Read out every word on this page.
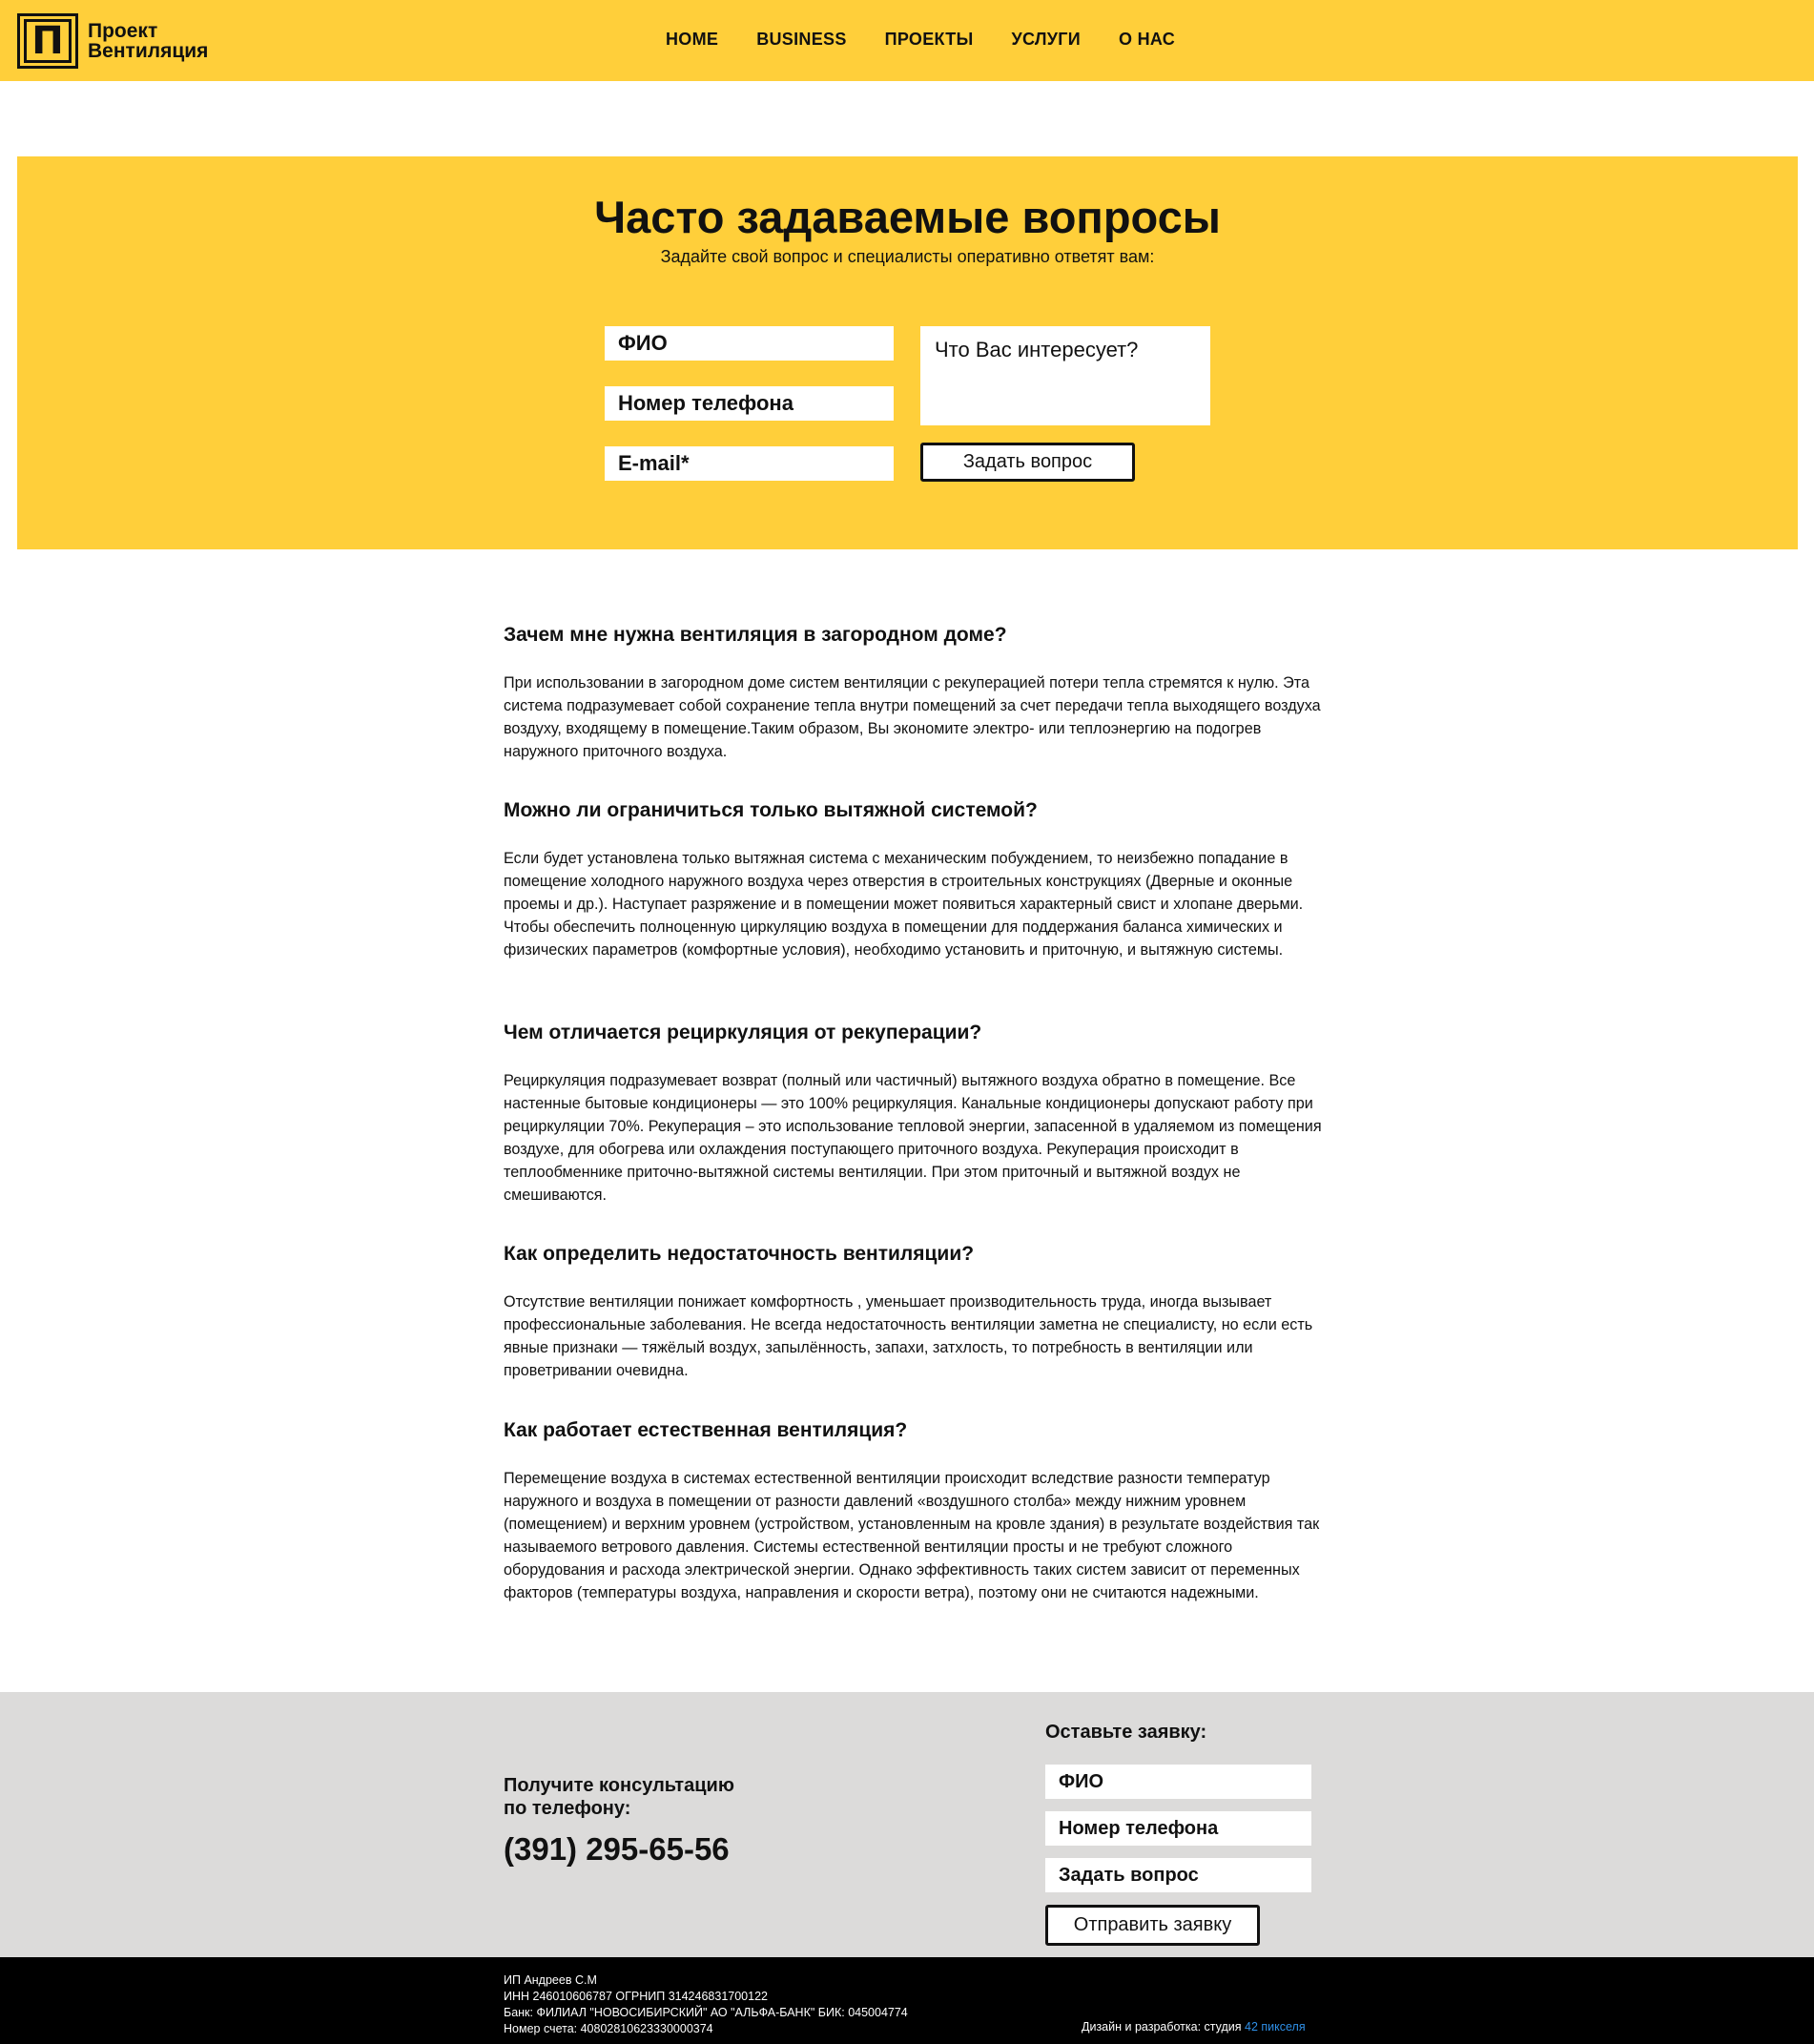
П Проект
Вентиляция
HOME BUSINESS ПРОЕКТЫ УСЛУГИ О НАС
Часто задаваемые вопросы
Задайте свой вопрос и специалисты оперативно ответят вам:
ФИО
Номер телефона
E-mail*
Что Вас интересует?
Задать вопрос
Зачем мне нужна вентиляция в загородном доме?

При использовании в загородном доме систем вентиляции с рекуперацией потери тепла стремятся к нулю. Эта система подразумевает собой сохранение тепла внутри помещений за счет передачи тепла выходящего воздуха воздуху, входящему в помещение.Таким образом, Вы экономите электро- или теплоэнергию на подогрев наружного приточного воздуха.

Можно ли ограничиться только вытяжной системой?

Если будет установлена только вытяжная система с механическим побуждением, то неизбежно попадание в помещение холодного наружного воздуха через отверстия в строительных конструкциях (Дверные и оконные проемы и др.). Наступает разряжение и в помещении может появиться характерный свист и хлопане дверьми. Чтобы обеспечить полноценную циркуляцию воздуха в помещении для поддержания баланса химических и физических параметров (комфортные условия), необходимо установить и приточную, и вытяжную системы.

Чем отличается рециркуляция от рекуперации?

Рециркуляция подразумевает возврат (полный или частичный) вытяжного воздуха обратно в помещение. Все настенные бытовые кондиционеры — это 100% рециркуляция. Канальные кондиционеры допускают работу при рециркуляции 70%. Рекуперация – это использование тепловой энергии, запасенной в удаляемом из помещения воздухе, для обогрева или охлаждения поступающего приточного воздуха. Рекуперация происходит в теплообменнике приточно-вытяжной системы вентиляции. При этом приточный и вытяжной воздух не смешиваются.

Как определить недостаточность вентиляции?

Отсутствие вентиляции понижает комфортность , уменьшает производительность труда, иногда вызывает профессиональные заболевания. Не всегда недостаточность вентиляции заметна не специалисту, но если есть явные признаки — тяжёлый воздух, запылённость, запахи, затхлость, то потребность в вентиляции или проветривании очевидна.

Как работает естественная вентиляция?

Перемещение воздуха в системах естественной вентиляции происходит вследствие разности температур наружного и воздуха в помещении от разности давлений «воздушного столба» между нижним уровнем (помещением) и верхним уровнем (устройством, установленным на кровле здания) в результате воздействия так называемого ветрового давления. Системы естественной вентиляции просты и не требуют сложного оборудования и расхода электрической энергии. Однако эффективность таких систем зависит от переменных факторов (температуры воздуха, направления и скорости ветра), поэтому они не считаются надежными.

Получите консультацию
по телефону:
(391) 295-65-56
Оставьте заявку:
ФИО
Номер телефона
Задать вопрос
Отправить заявку
ИП Андреев С.М
ИНН 246010606787 ОГРНИП 314246831700122
Банк: ФИЛИАЛ "НОВОСИБИРСКИЙ" АО "АЛЬФА-БАНК" БИК: 045004774
Номер счета: 40802810623330000374	Дизайн и разработка: студия 42 пикселя
